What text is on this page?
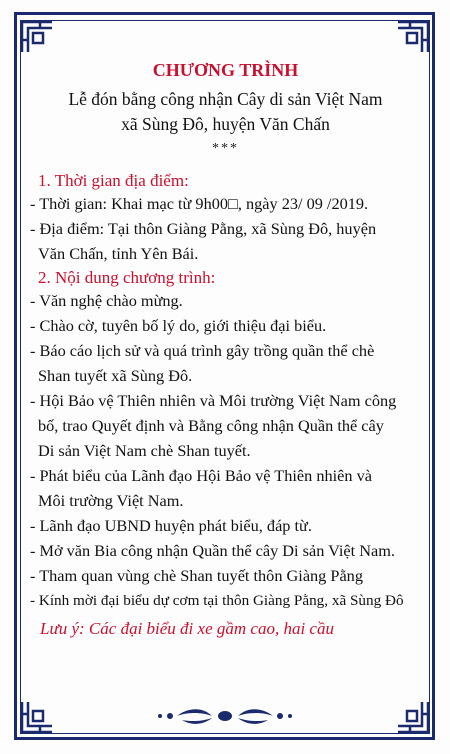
CHƯƠNG TRÌNH
Lễ đón bằng công nhận Cây di sản Việt Nam
xã Sùng Đô, huyện Văn Chấn
***
1. Thời gian địa điểm:
- Thời gian: Khai mạc từ 9h00□, ngày 23/ 09 /2019.
- Địa điểm: Tại thôn Giàng Pằng, xã Sùng Đô, huyện
Văn Chấn, tỉnh Yên Bái.
2. Nội dung chương trình:
- Văn nghệ chào mừng.
- Chào cờ, tuyên bố lý do, giới thiệu đại biểu.
- Báo cáo lịch sử và quá trình gây trồng quần thể chè
Shan tuyết xã Sùng Đô.
- Hội Bảo vệ Thiên nhiên và Môi trường Việt Nam công
bố, trao Quyết định và Bằng công nhận Quần thể cây
Di sản Việt Nam chè Shan tuyết.
- Phát biểu của Lãnh đạo Hội Bảo vệ Thiên nhiên và
Môi trường Việt Nam.
- Lãnh đạo UBND huyện phát biểu, đáp từ.
- Mở văn Bia công nhận Quần thể cây Di sản Việt Nam.
- Tham quan vùng chè Shan tuyết thôn Giàng Pằng
- Kính mời đại biểu dự cơm tại thôn Giàng Pằng, xã Sùng Đô
Lưu ý: Các đại biểu đi xe gầm cao, hai cầu
